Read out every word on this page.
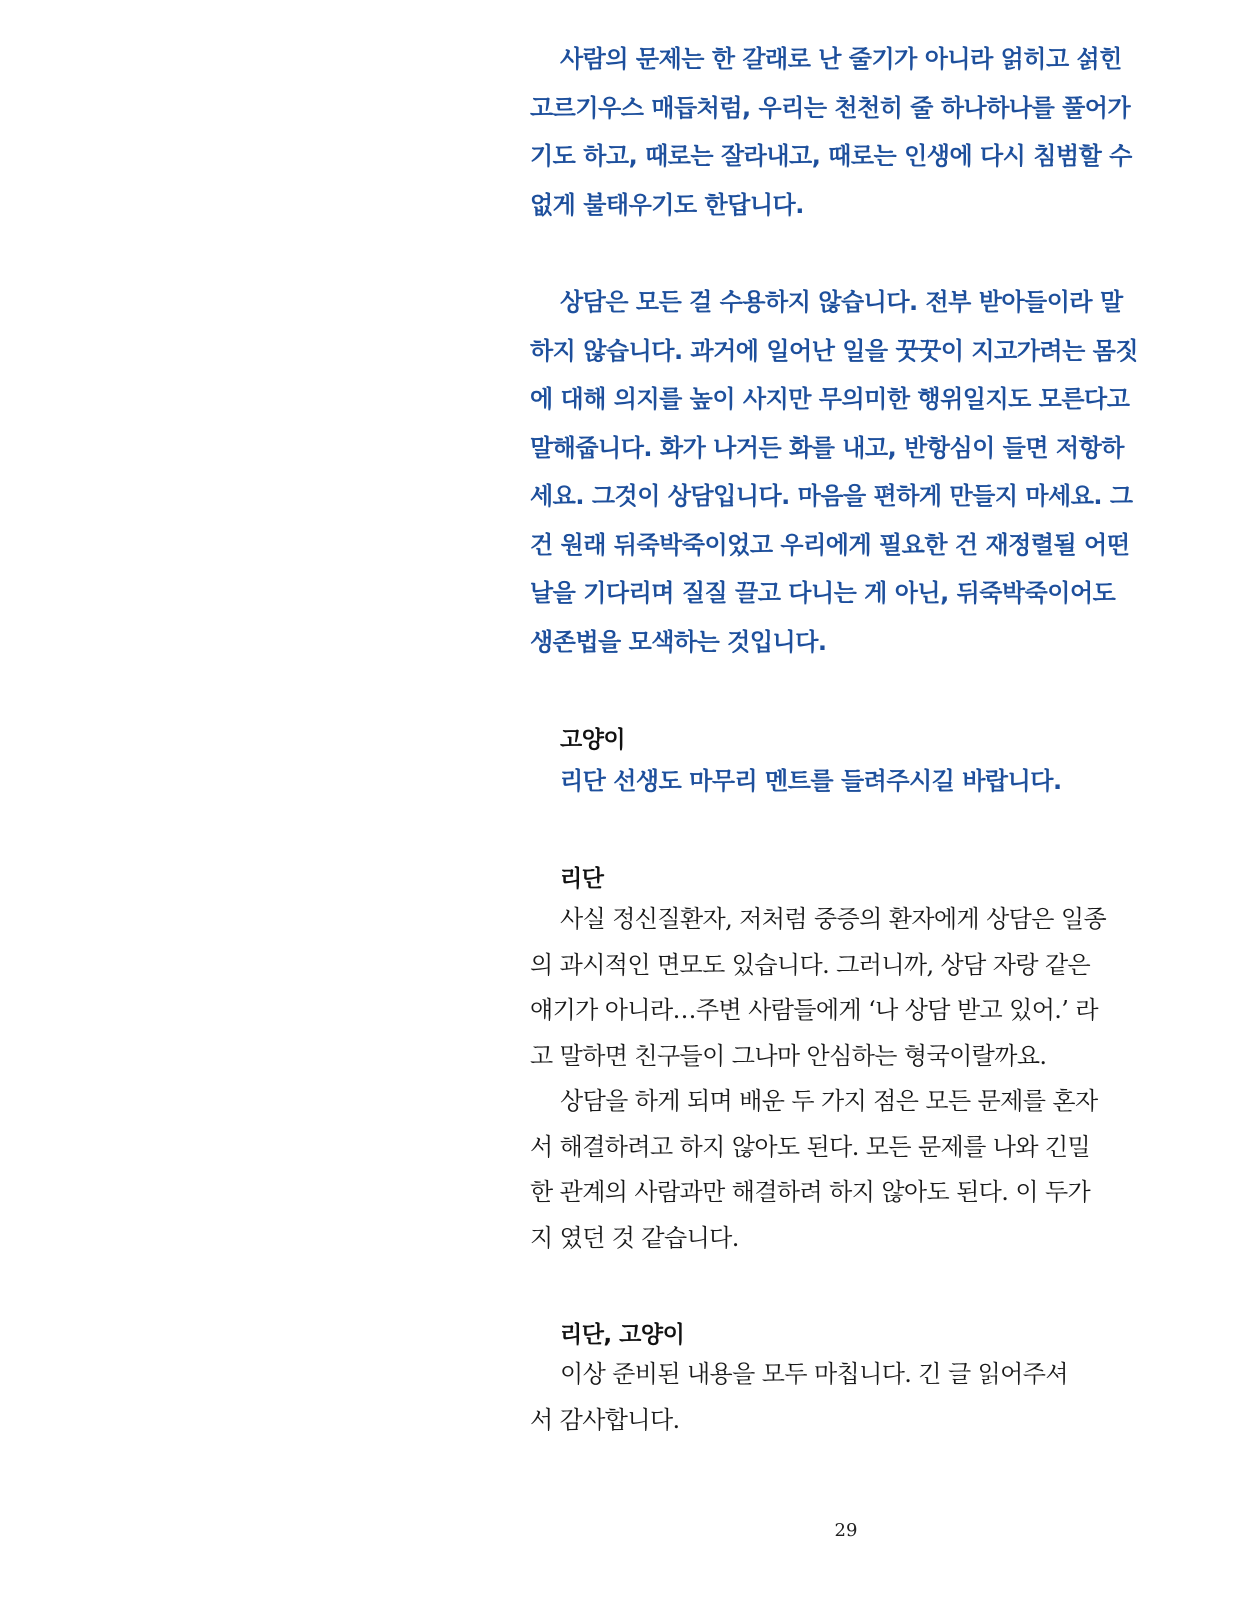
사람의 문제는 한 갈래로 난 줄기가 아니라 얽히고 섥힌
고르기우스 매듭처럼, 우리는 천천히 줄 하나하나를 풀어가
기도 하고, 때로는 잘라내고, 때로는 인생에 다시 침범할 수
없게 불태우기도 한답니다.
상담은 모든 걸 수용하지 않습니다. 전부 받아들이라 말
하지 않습니다. 과거에 일어난 일을 꿋꿋이 지고가려는 몸짓
에 대해 의지를 높이 사지만 무의미한 행위일지도 모른다고
말해줍니다. 화가 나거든 화를 내고, 반항심이 들면 저항하
세요. 그것이 상담입니다. 마음을 편하게 만들지 마세요. 그
건 원래 뒤죽박죽이었고 우리에게 필요한 건 재정렬될 어떤
날을 기다리며 질질 끌고 다니는 게 아닌, 뒤죽박죽이어도
생존법을 모색하는 것입니다.
고양이
리단 선생도 마무리 멘트를 들려주시길 바랍니다.
리단
사실 정신질환자, 저처럼 중증의 환자에게 상담은 일종
의 과시적인 면모도 있습니다. 그러니까, 상담 자랑 같은
얘기가 아니라…주변 사람들에게 ‘나 상담 받고 있어.’ 라
고 말하면 친구들이 그나마 안심하는 형국이랄까요.
상담을 하게 되며 배운 두 가지 점은 모든 문제를 혼자
서 해결하려고 하지 않아도 된다. 모든 문제를 나와 긴밀
한 관계의 사람과만 해결하려 하지 않아도 된다. 이 두가
지 였던 것 같습니다.
리단, 고양이
이상 준비된 내용을 모두 마칩니다. 긴 글 읽어주셔
서 감사합니다.
29
